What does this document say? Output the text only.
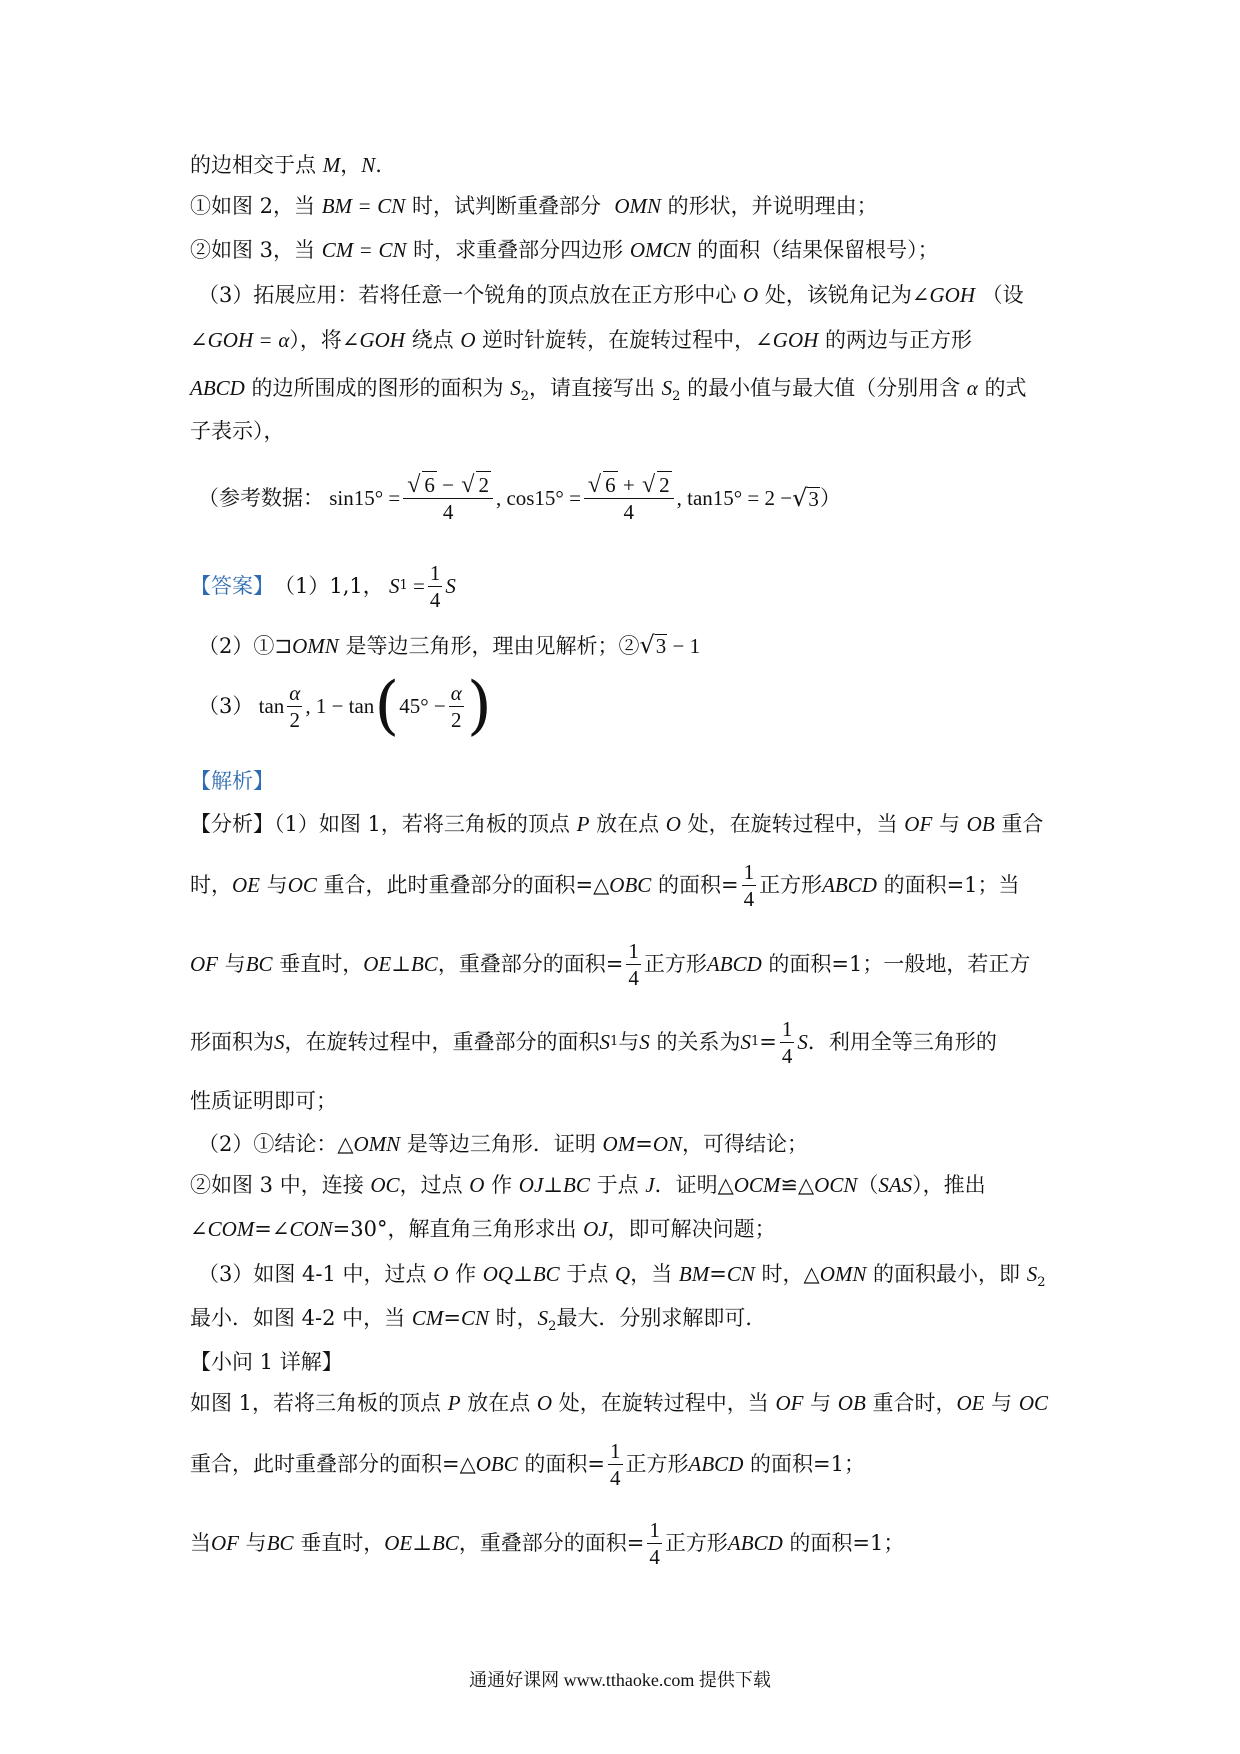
的边相交于点 M，N.
①如图 2，当 BM = CN 时，试判断重叠部分  OMN 的形状，并说明理由；
②如图 3，当 CM = CN 时，求重叠部分四边形 OMCN 的面积（结果保留根号）；
（3）拓展应用：若将任意一个锐角的顶点放在正方形中心 O 处，该锐角记为∠GOH （设
∠GOH = α），将∠GOH 绕点 O 逆时针旋转，在旋转过程中，∠GOH 的两边与正方形
ABCD 的边所围成的图形的面积为 $S_2$，请直接写出 $S_2$ 的最小值与最大值（分别用含 α 的式
子表示），
（参考数据： $\sin 15^\circ = \frac{√ 6 - √ 2}{4}$ , $\cos 15^\circ = \frac{√ 6 + √ 2}{4}$ , tan15° = 2 − √ 3 ）
【答案】 （1）1,1， S $1 = \frac{1}{4}$ S
（2）①⊐OMN 是等边三角形，理由见解析；②√3 − 1
（3） $\tan \frac{\alpha}{2}$ , 1 − tan ( $45^\circ - \frac{\alpha}{2}$ )
【解析】
【分析】（1）如图 1，若将三角板的顶点 P 放在点 O 处，在旋转过程中，当 OF 与 OB 重合
时， OE 与 OC 重合，此时重叠部分的面积=△ OBC 的面积= $\frac{1}{4}$ 正方形 ABCD 的面积=1；当
OF 与 BC 垂直时， OE ⊥ BC ，重叠部分的面积= $\frac{1}{4}$ 正方形 ABCD 的面积=1；一般地，若正方
形面积为 S ，在旋转过程中，重叠部分的面积 S 1 与 S 的关系为 S $1 = \frac{1}{4}$ S ．利用全等三角形的
性质证明即可；
（2）①结论：△OMN 是等边三角形．证明 OM=ON，可得结论；
②如图 3 中，连接 OC，过点 O 作 OJ⊥BC 于点 J．证明△OCM≌△OCN（SAS），推出
∠COM=∠CON=30°，解直角三角形求出 OJ，即可解决问题；
（3）如图 4-1 中，过点 O 作 OQ⊥BC 于点 Q，当 BM=CN 时，△OMN 的面积最小，即 $S_2$
最小．如图 4-2 中，当 CM=CN 时，$S_2$最大．分别求解即可．
【小问 1 详解】
如图 1，若将三角板的顶点 P 放在点 O 处，在旋转过程中，当 OF 与 OB 重合时，OE 与 OC
重合，此时重叠部分的面积=△ OBC 的面积= $\frac{1}{4}$ 正方形 ABCD 的面积=1；
当 OF 与 BC 垂直时， OE ⊥ BC ，重叠部分的面积= $\frac{1}{4}$ 正方形 ABCD 的面积=1；
通通好课网 www.tthaoke.com 提供下载
